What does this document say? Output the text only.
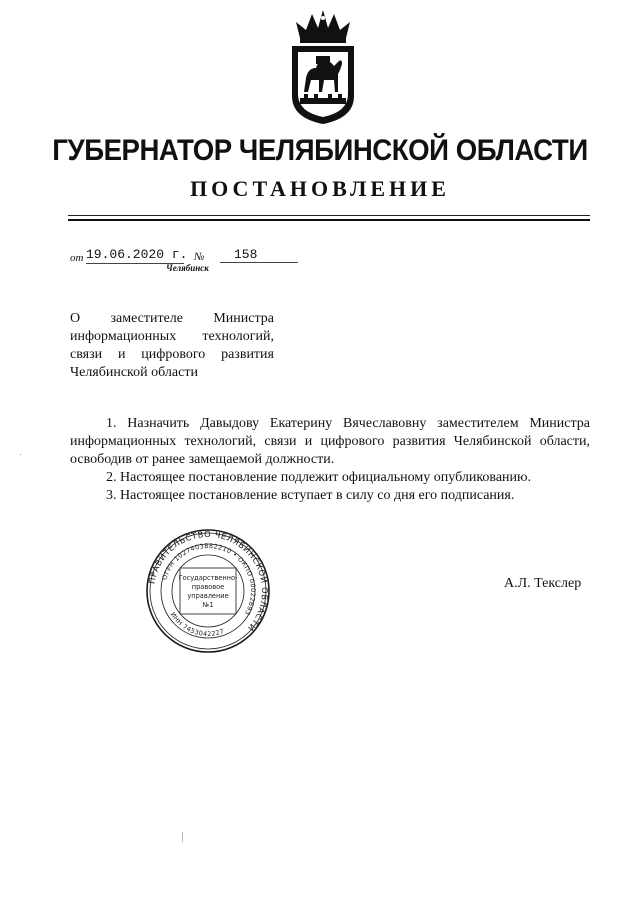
ГУБЕРНАТОР ЧЕЛЯБИНСКОЙ ОБЛАСТИ
ПОСТАНОВЛЕНИЕ
от 19.06.2020 г. №	158
Челябинск
О заместителе Министра
информационных технологий,
связи и цифрового развития
Челябинской области

1. Назначить Давыдову Екатерину Вячеславовну заместителем Министра информационных технологий, связи и цифрового развития Челябинской области, освободив от ранее замещаемой должности.

2. Настоящее постановление подлежит официальному опубликованию.

3. Настоящее постановление вступает в силу со дня его подписания.

ПРАВИТЕЛЬСТВО ЧЕЛЯБИНСКОЙ ОБЛАСТИ
ОГРН 1027403882210 • ОКПО 00022693
ИНН 7453042227
Государственно-
правовое
управление
№1
А.Л. Текслер
